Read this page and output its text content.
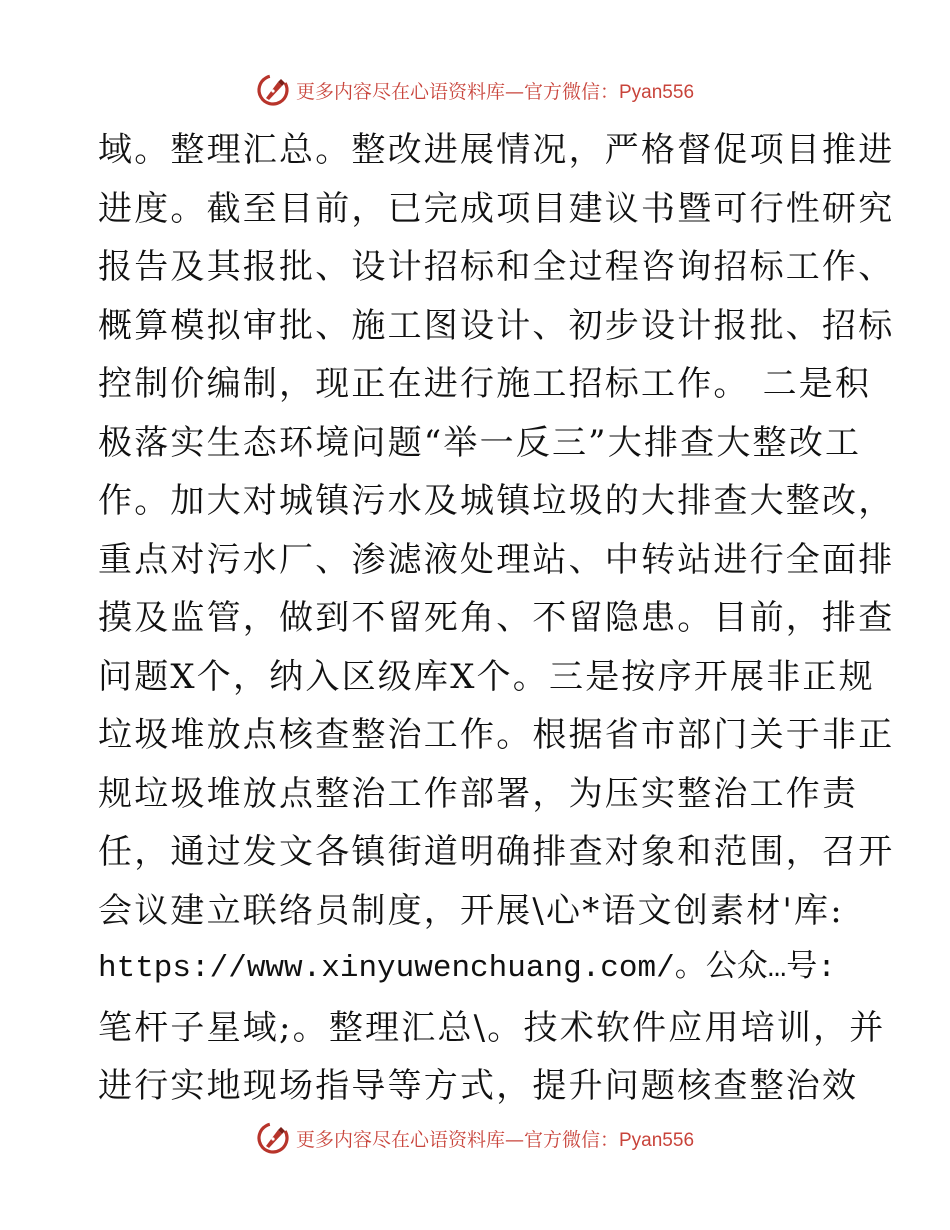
更多内容尽在心语资料库—官方微信：Pyan556
域。整理汇总。整改进展情况，严格督促项目推进
进度。截至目前，已完成项目建议书暨可行性研究
报告及其报批、设计招标和全过程咨询招标工作、
概算模拟审批、施工图设计、初步设计报批、招标
控制价编制，现正在进行施工招标工作。 二是积
极落实生态环境问题“举一反三”大排查大整改工
作。加大对城镇污水及城镇垃圾的大排查大整改，
重点对污水厂、渗滤液处理站、中转站进行全面排
摸及监管，做到不留死角、不留隐患。目前，排查
问题X个，纳入区级库X个。三是按序开展非正规
垃圾堆放点核查整治工作。根据省市部门关于非正
规垃圾堆放点整治工作部署，为压实整治工作责
任，通过发文各镇街道明确排查对象和范围，召开
会议建立联络员制度，开展\心*语文创素材'库:
https://www.xinyuwenchuang.com/。公众…号:
笔杆子星域;。整理汇总\。技术软件应用培训，并
进行实地现场指导等方式，提升问题核查整治效
更多内容尽在心语资料库—官方微信：Pyan556
